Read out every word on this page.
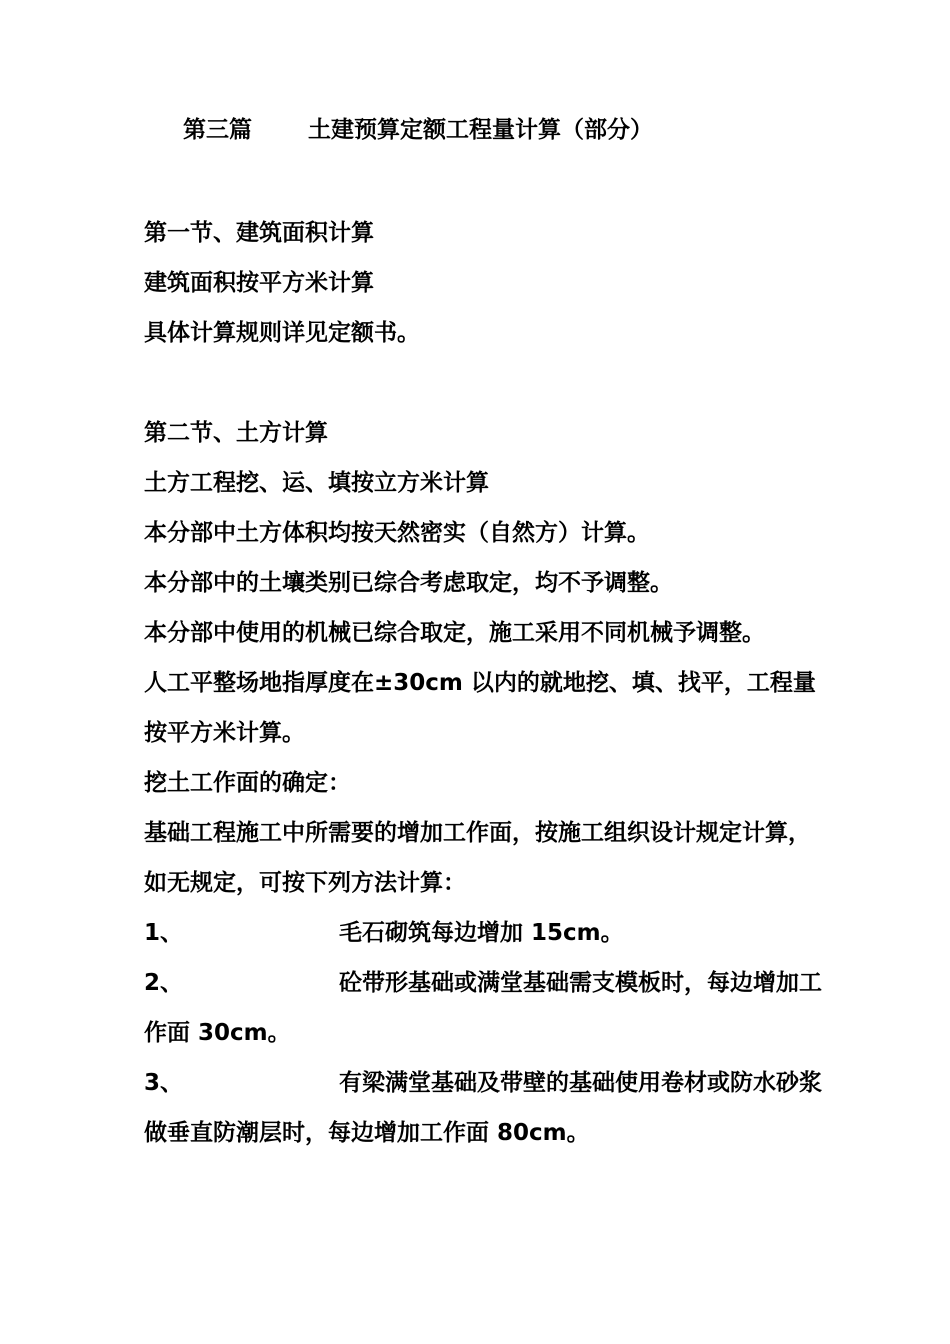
第三篇 土建预算定额工程量计算（部分）
第一节、建筑面积计算
建筑面积按平方米计算
具体计算规则详见定额书。
第二节、土方计算
土方工程挖、运、填按立方米计算
本分部中土方体积均按天然密实（自然方）计算。
本分部中的土壤类别已综合考虑取定，均不予调整。
本分部中使用的机械已综合取定，施工采用不同机械予调整。
人工平整场地指厚度在±30cm 以内的就地挖、填、找平，工程量按平方米计算。
挖土工作面的确定：
基础工程施工中所需要的增加工作面，按施工组织设计规定计算，如无规定，可按下列方法计算：
1、	毛石砌筑每边增加 15cm。
2、	砼带形基础或满堂基础需支模板时，每边增加工作面 30cm。
3、	有梁满堂基础及带壁的基础使用卷材或防水砂浆做垂直防潮层时，每边增加工作面 80cm。
